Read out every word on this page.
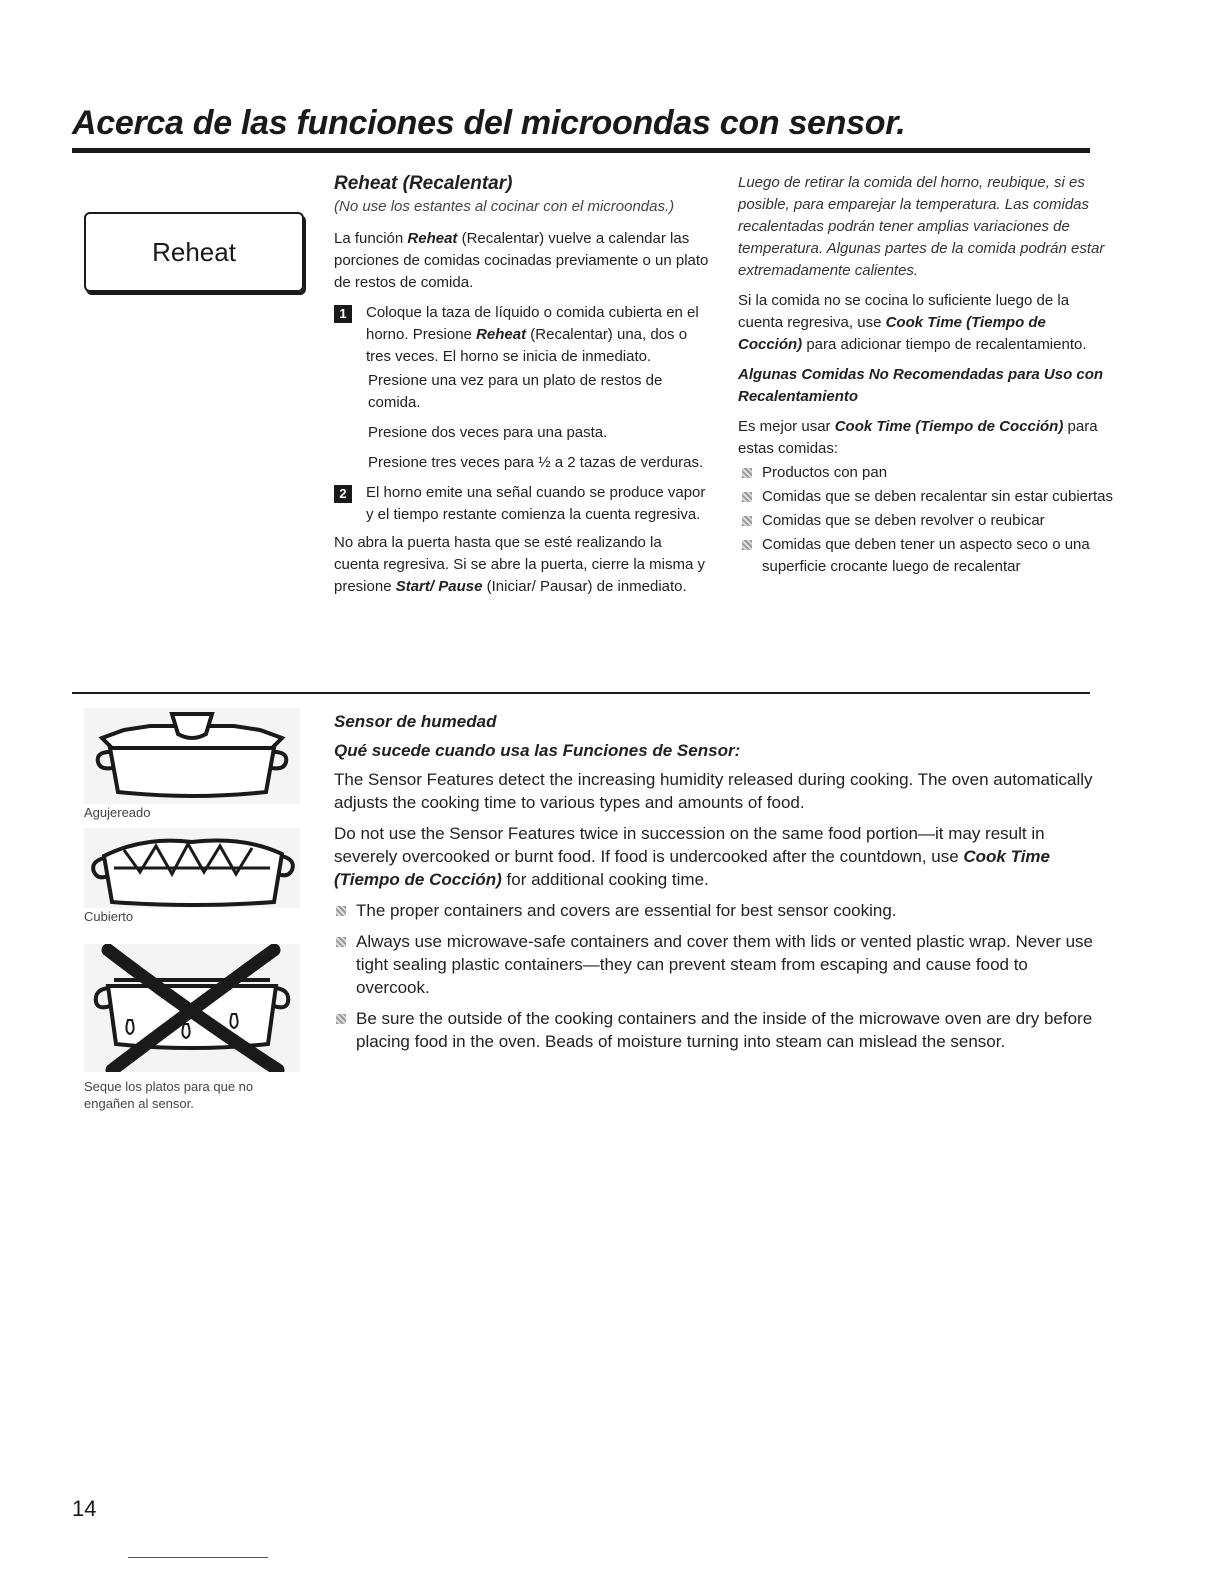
Acerca de las funciones del microondas con sensor.
Reheat
Reheat (Recalentar)

(No use los estantes al cocinar con el microondas.)

La función Reheat (Recalentar) vuelve a calendar las porciones de comidas cocinadas previamente o un plato de restos de comida.

1	Coloque la taza de líquido o comida cubierta en el horno. Presione Reheat (Recalentar) una, dos o tres veces. El horno se inicia de inmediato.

Presione una vez para un plato de restos de comida.

Presione dos veces para una pasta.

Presione tres veces para ½ a 2 tazas de verduras.

2	El horno emite una señal cuando se produce vapor y el tiempo restante comienza la cuenta regresiva.

No abra la puerta hasta que se esté realizando la cuenta regresiva. Si se abre la puerta, cierre la misma y presione Start/ Pause (Iniciar/ Pausar) de inmediato.

Luego de retirar la comida del horno, reubique, si es posible, para emparejar la temperatura. Las comidas recalentadas podrán tener amplias variaciones de temperatura. Algunas partes de la comida podrán estar extremadamente calientes.

Si la comida no se cocina lo suficiente luego de la cuenta regresiva, use Cook Time (Tiempo de Cocción) para adicionar tiempo de recalentamiento.

Algunas Comidas No Recomendadas para Uso con Recalentamiento

Es mejor usar Cook Time (Tiempo de Cocción) para estas comidas:

Productos con pan
Comidas que se deben recalentar sin estar cubiertas
Comidas que se deben revolver o reubicar
Comidas que deben tener un aspecto seco o una superficie crocante luego de recalentar
Agujereado
Cubierto
Seque los platos para que no engañen al sensor.

Sensor de humedad

Qué sucede cuando usa las Funciones de Sensor:

The Sensor Features detect the increasing humidity released during cooking. The oven automatically adjusts the cooking time to various types and amounts of food.

Do not use the Sensor Features twice in succession on the same food portion—it may result in severely overcooked or burnt food. If food is undercooked after the countdown, use Cook Time (Tiempo de Cocción) for additional cooking time.

The proper containers and covers are essential for best sensor cooking.
Always use microwave-safe containers and cover them with lids or vented plastic wrap. Never use tight sealing plastic containers—they can prevent steam from escaping and cause food to overcook.
Be sure the outside of the cooking containers and the inside of the microwave oven are dry before placing food in the oven. Beads of moisture turning into steam can mislead the sensor.
14
